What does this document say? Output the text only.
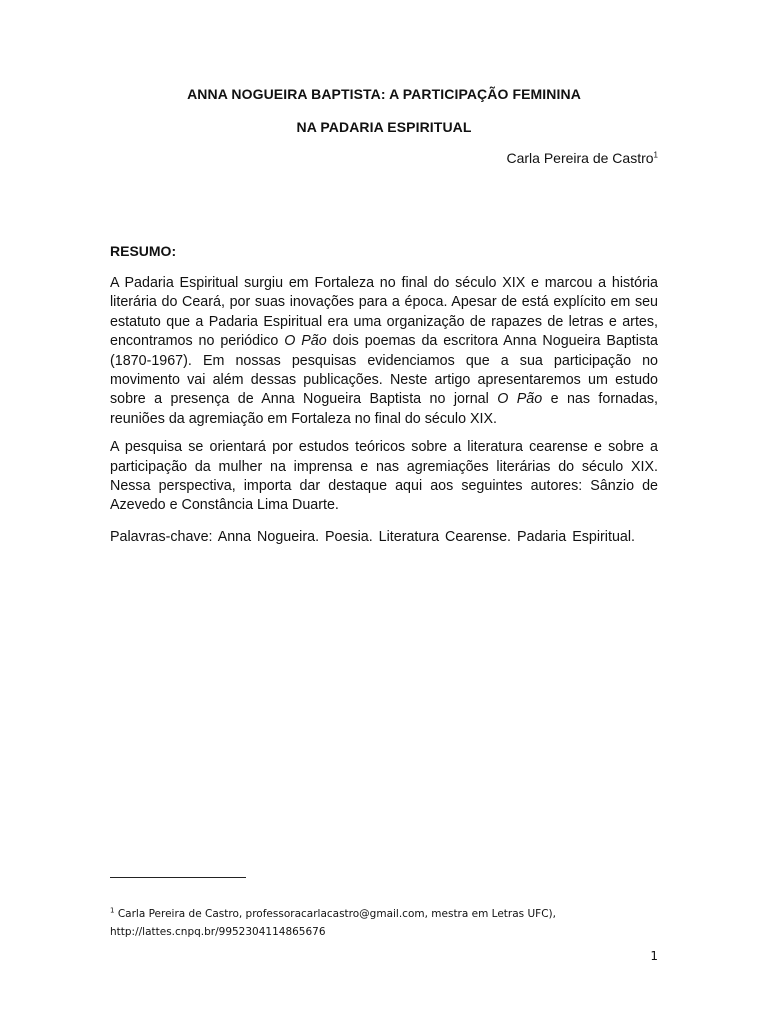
ANNA NOGUEIRA BAPTISTA: A PARTICIPAÇÃO FEMININA
NA PADARIA ESPIRITUAL
Carla Pereira de Castro$^1$
RESUMO:

A Padaria Espiritual surgiu em Fortaleza no final do século XIX e marcou a história literária do Ceará, por suas inovações para a época. Apesar de está explícito em seu estatuto que a Padaria Espiritual era uma organização de rapazes de letras e artes, encontramos no periódico O Pão dois poemas da escritora Anna Nogueira Baptista (1870-1967). Em nossas pesquisas evidenciamos que a sua participação no movimento vai além dessas publicações. Neste artigo apresentaremos um estudo sobre a presença de Anna Nogueira Baptista no jornal O Pão e nas fornadas, reuniões da agremiação em Fortaleza no final do século XIX.

A pesquisa se orientará por estudos teóricos sobre a literatura cearense e sobre a participação da mulher na imprensa e nas agremiações literárias do século XIX. Nessa perspectiva, importa dar destaque aqui aos seguintes autores: Sânzio de Azevedo e Constância Lima Duarte.

Palavras-chave: Anna Nogueira. Poesia. Literatura Cearense. Padaria Espiritual.

$^1$ Carla Pereira de Castro, professoracarlacastro@gmail.com, mestra em Letras UFC),
http://lattes.cnpq.br/9952304114865676
1
